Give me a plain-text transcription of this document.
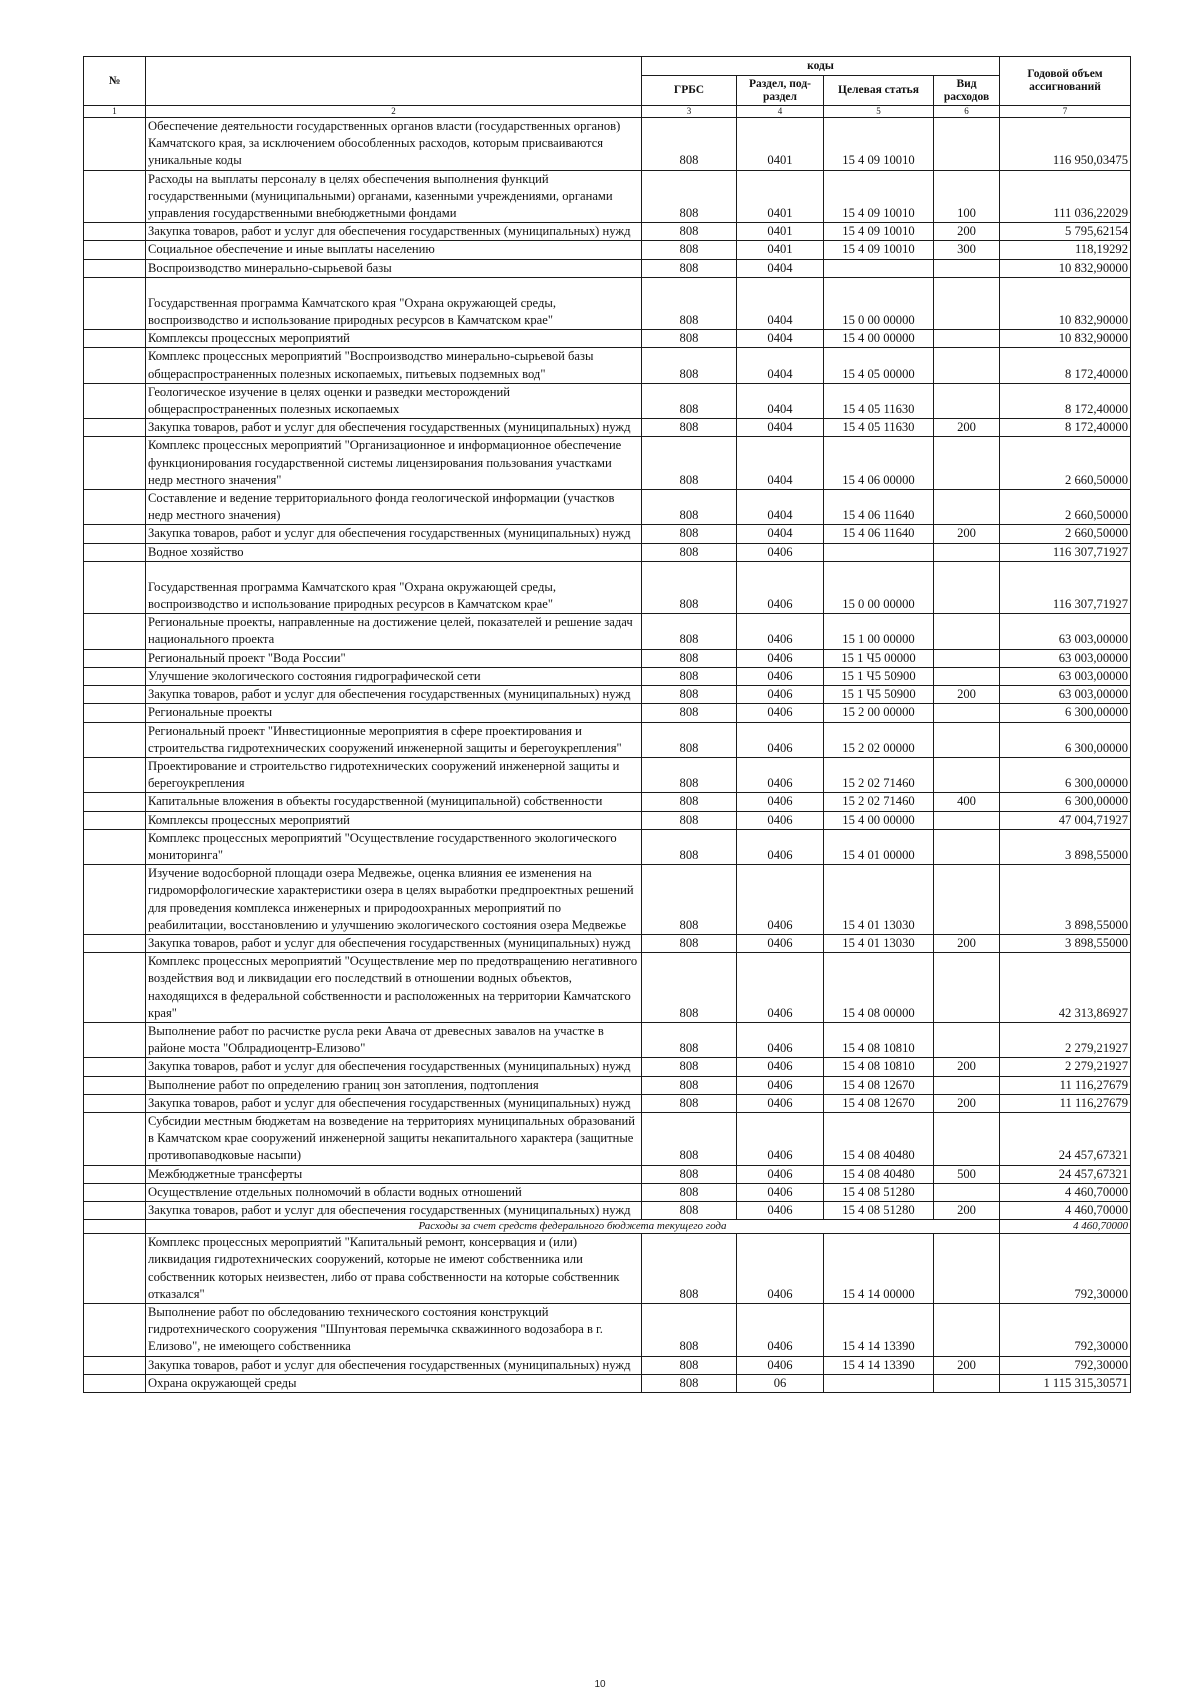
№		коды				Годовой объем ассигнований
		ГРБС	Раздел, под-раздел	Целевая статья	Вид расходов	
1	2	3	4	5	6	7
	Обеспечение деятельности государственных органов власти (государственных органов) Камчатского края, за исключением обособленных расходов, которым присваиваются уникальные коды	808	0401	15 4 09 10010		116 950,03475
	Расходы на выплаты персоналу в целях обеспечения выполнения функций государственными (муниципальными) органами, казенными учреждениями, органами управления государственными внебюджетными фондами	808	0401	15 4 09 10010	100	111 036,22029
	Закупка товаров, работ и услуг для обеспечения государственных (муниципальных) нужд	808	0401	15 4 09 10010	200	5 795,62154
	Социальное обеспечение и иные выплаты населению	808	0401	15 4 09 10010	300	118,19292
	Воспроизводство минерально-сырьевой базы	808	0404			10 832,90000
	Государственная программа Камчатского края "Охрана окружающей среды, воспроизводство и использование природных ресурсов в Камчатском крае"	808	0404	15 0 00 00000		10 832,90000
	Комплексы процессных мероприятий	808	0404	15 4 00 00000		10 832,90000
	Комплекс процессных мероприятий "Воспроизводство минерально-сырьевой базы общераспространенных полезных ископаемых, питьевых подземных вод"	808	0404	15 4 05 00000		8 172,40000
	Геологическое изучение в целях оценки и разведки месторождений общераспространенных полезных ископаемых	808	0404	15 4 05 11630		8 172,40000
	Закупка товаров, работ и услуг для обеспечения государственных (муниципальных) нужд	808	0404	15 4 05 11630	200	8 172,40000
	Комплекс процессных мероприятий "Организационное и информационное обеспечение функционирования государственной системы лицензирования пользования участками недр местного значения"	808	0404	15 4 06 00000		2 660,50000
	Составление и ведение территориального фонда геологической информации (участков недр местного значения)	808	0404	15 4 06 11640		2 660,50000
	Закупка товаров, работ и услуг для обеспечения государственных (муниципальных) нужд	808	0404	15 4 06 11640	200	2 660,50000
	Водное хозяйство	808	0406			116 307,71927
	Государственная программа Камчатского края "Охрана окружающей среды, воспроизводство и использование природных ресурсов в Камчатском крае"	808	0406	15 0 00 00000		116 307,71927
	Региональные проекты, направленные на достижение целей, показателей и решение задач национального проекта	808	0406	15 1 00 00000		63 003,00000
	Региональный проект "Вода России"	808	0406	15 1 Ч5 00000		63 003,00000
	Улучшение экологического состояния гидрографической сети	808	0406	15 1 Ч5 50900		63 003,00000
	Закупка товаров, работ и услуг для обеспечения государственных (муниципальных) нужд	808	0406	15 1 Ч5 50900	200	63 003,00000
	Региональные проекты	808	0406	15 2 00 00000		6 300,00000
	Региональный проект "Инвестиционные мероприятия в сфере проектирования и строительства гидротехнических сооружений инженерной защиты и берегоукрепления"	808	0406	15 2 02 00000		6 300,00000
	Проектирование и строительство гидротехнических сооружений инженерной защиты и берегоукрепления	808	0406	15 2 02 71460		6 300,00000
	Капитальные вложения в объекты государственной (муниципальной) собственности	808	0406	15 2 02 71460	400	6 300,00000
	Комплексы процессных мероприятий	808	0406	15 4 00 00000		47 004,71927
	Комплекс процессных мероприятий "Осуществление государственного экологического мониторинга"	808	0406	15 4 01 00000		3 898,55000
	Изучение водосборной площади озера Медвежье, оценка влияния ее изменения на гидроморфологические характеристики озера в целях выработки предпроектных решений для проведения комплекса инженерных и природоохранных мероприятий по реабилитации, восстановлению и улучшению экологического состояния озера Медвежье	808	0406	15 4 01 13030		3 898,55000
	Закупка товаров, работ и услуг для обеспечения государственных (муниципальных) нужд	808	0406	15 4 01 13030	200	3 898,55000
	Комплекс процессных мероприятий "Осуществление мер по предотвращению негативного воздействия вод и ликвидации его последствий в отношении водных объектов, находящихся в федеральной собственности и расположенных на территории Камчатского края"	808	0406	15 4 08 00000		42 313,86927
	Выполнение работ по расчистке русла реки Авача от древесных завалов на участке в районе моста "Облрадиоцентр-Елизово"	808	0406	15 4 08 10810		2 279,21927
	Закупка товаров, работ и услуг для обеспечения государственных (муниципальных) нужд	808	0406	15 4 08 10810	200	2 279,21927
	Выполнение работ по определению границ зон затопления, подтопления	808	0406	15 4 08 12670		11 116,27679
	Закупка товаров, работ и услуг для обеспечения государственных (муниципальных) нужд	808	0406	15 4 08 12670	200	11 116,27679
	Субсидии местным бюджетам на возведение на территориях муниципальных образований в Камчатском крае сооружений инженерной защиты некапитального характера (защитные противопаводковые насыпи)	808	0406	15 4 08 40480		24 457,67321
	Межбюджетные трансферты	808	0406	15 4 08 40480	500	24 457,67321
	Осуществление отдельных полномочий в области водных отношений	808	0406	15 4 08 51280		4 460,70000
	Закупка товаров, работ и услуг для обеспечения государственных (муниципальных) нужд	808	0406	15 4 08 51280	200	4 460,70000
	Расходы за счет средств федерального бюджета текущего года					4 460,70000
	Комплекс процессных мероприятий "Капитальный ремонт, консервация и (или) ликвидация гидротехнических сооружений, которые не имеют собственника или собственник которых неизвестен, либо от права собственности на которые собственник отказался"	808	0406	15 4 14 00000		792,30000
	Выполнение работ по обследованию технического состояния конструкций гидротехнического сооружения "Шпунтовая перемычка скважинного водозабора в г. Елизово", не имеющего собственника	808	0406	15 4 14 13390		792,30000
	Закупка товаров, работ и услуг для обеспечения государственных (муниципальных) нужд	808	0406	15 4 14 13390	200	792,30000
	Охрана окружающей среды	808	06			1 115 315,30571
10
